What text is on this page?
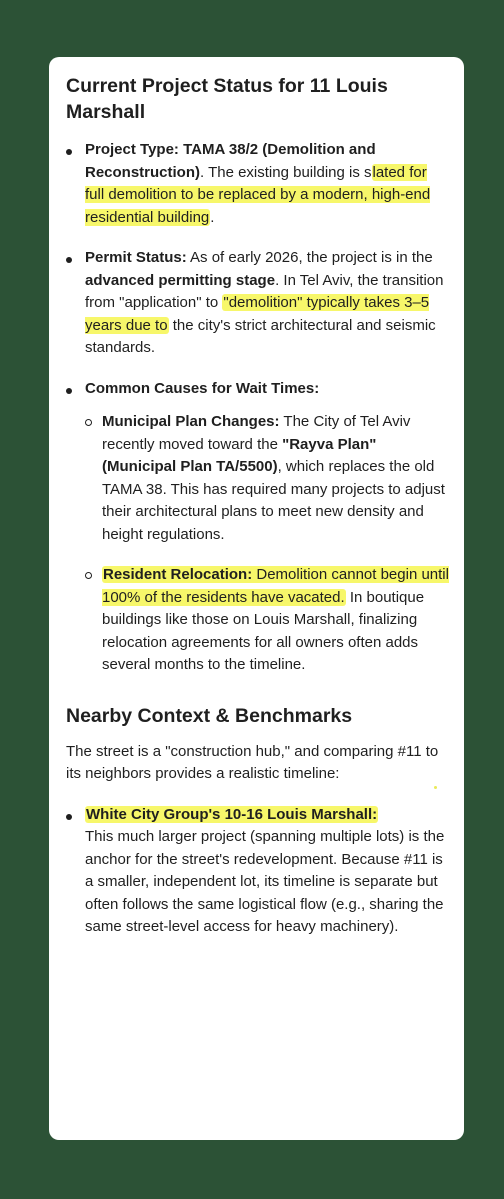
Current Project Status for 11 Louis Marshall
Project Type: TAMA 38/2 (Demolition and Reconstruction). The existing building is slated for full demolition to be replaced by a modern, high-end residential building.
Permit Status: As of early 2026, the project is in the advanced permitting stage. In Tel Aviv, the transition from "application" to "demolition" typically takes 3–5 years due to the city's strict architectural and seismic standards.
Common Causes for Wait Times:
Municipal Plan Changes: The City of Tel Aviv recently moved toward the "Rayva Plan" (Municipal Plan TA/5500), which replaces the old TAMA 38. This has required many projects to adjust their architectural plans to meet new density and height regulations.
Resident Relocation: Demolition cannot begin until 100% of the residents have vacated. In boutique buildings like those on Louis Marshall, finalizing relocation agreements for all owners often adds several months to the timeline.
Nearby Context & Benchmarks

The street is a "construction hub," and comparing #11 to its neighbors provides a realistic timeline:

White City Group's 10-16 Louis Marshall:
This much larger project (spanning multiple lots) is the anchor for the street's redevelopment. Because #11 is a smaller, independent lot, its timeline is separate but often follows the same logistical flow (e.g., sharing the same street-level access for heavy machinery).
